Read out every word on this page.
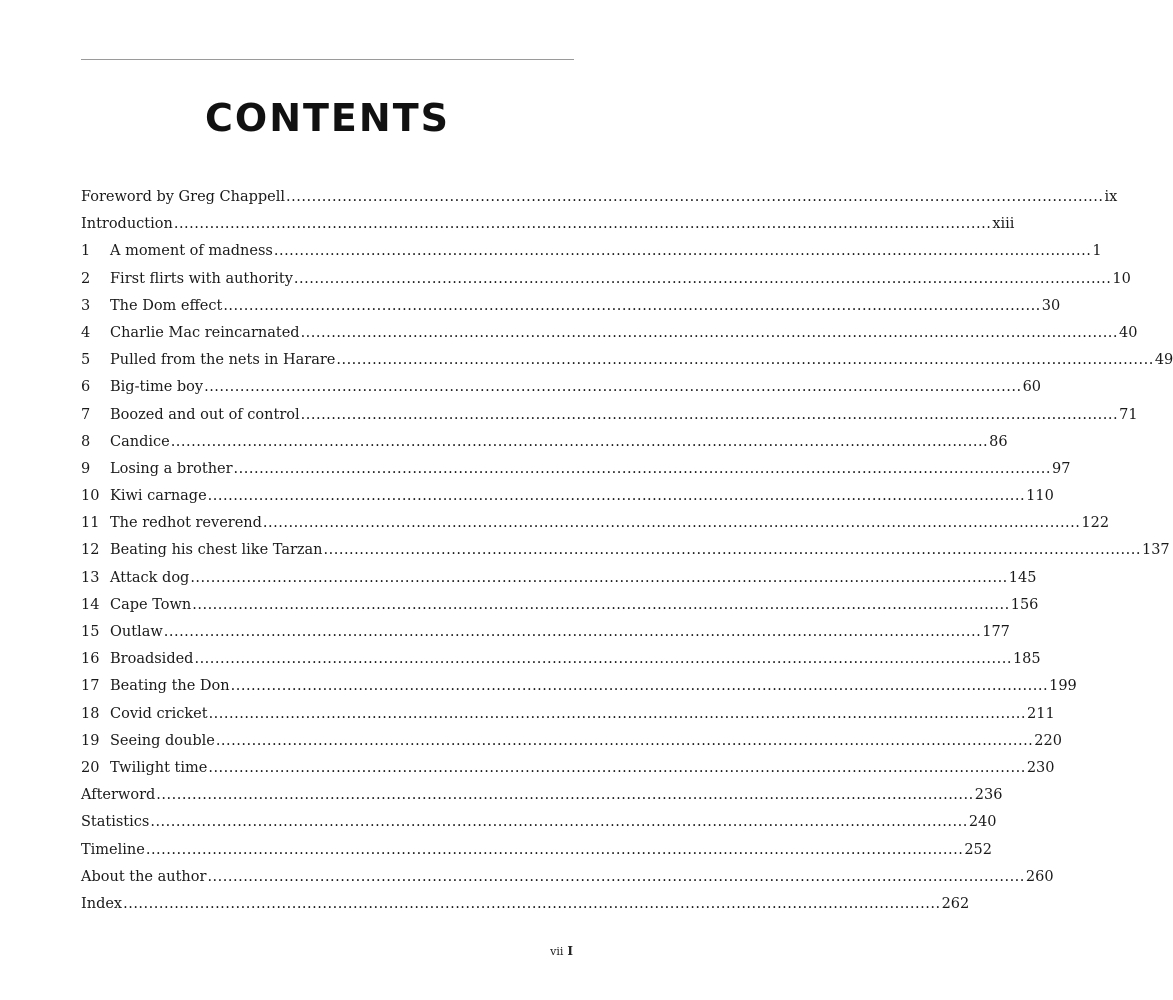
CONTENTS
Foreword by Greg Chappell ................................................................................................................................................................ ix
Introduction ................................................................................................................................................................ xiii
1	A moment of madness ................................................................................................................................................................ 1
2	First flirts with authority ................................................................................................................................................................ 10
3	The Dom effect ................................................................................................................................................................ 30
4	Charlie Mac reincarnated ................................................................................................................................................................ 40
5	Pulled from the nets in Harare ................................................................................................................................................................ 49
6	Big-time boy ................................................................................................................................................................ 60
7	Boozed and out of control ................................................................................................................................................................ 71
8	Candice ................................................................................................................................................................ 86
9	Losing a brother ................................................................................................................................................................ 97
10 Kiwi carnage ................................................................................................................................................................ 110
11 The redhot reverend ................................................................................................................................................................ 122
12 Beating his chest like Tarzan ................................................................................................................................................................ 137
13 Attack dog ................................................................................................................................................................ 145
14 Cape Town ................................................................................................................................................................ 156
15 Outlaw ................................................................................................................................................................ 177
16 Broadsided ................................................................................................................................................................ 185
17 Beating the Don ................................................................................................................................................................ 199
18 Covid cricket ................................................................................................................................................................ 211
19 Seeing double ................................................................................................................................................................ 220
20 Twilight time ................................................................................................................................................................ 230
Afterword ................................................................................................................................................................ 236
Statistics ................................................................................................................................................................ 240
Timeline ................................................................................................................................................................ 252
About the author ................................................................................................................................................................ 260
Index ................................................................................................................................................................ 262
vii I
